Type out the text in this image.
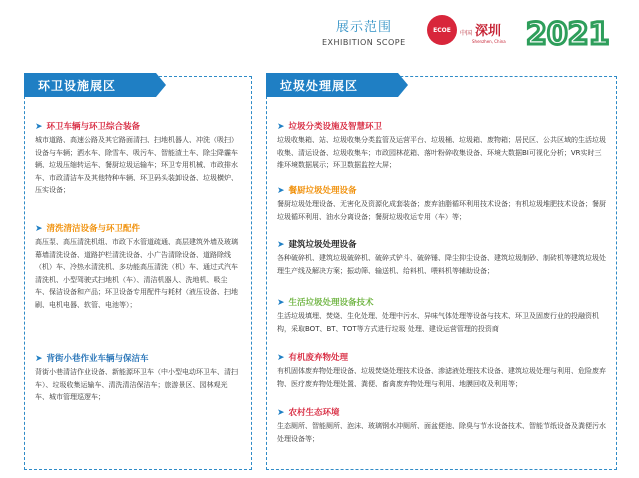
展示范围
EXHIBITION SCOPE
ECOE	中国 深圳
Shenzhen, China 2021
环卫设施展区
➤ 环卫车辆与环卫综合装备
城市道路、高速公路及其它路面清扫、扫地机器人、冲洗（吸扫）设备与车辆；洒水车、除雪车、吸污车、智能渣土车、除尘降霾车辆、垃圾压缩转运车、餐厨垃圾运输车；环卫专用机械、市政排水车、市政清洁车及其他特种车辆、环卫码头装卸设备、垃圾横炉、压实设备；
➤ 清洗清洁设备与环卫配件
高压泵、高压清洗机组、市政下水管道疏通、高层建筑外墙及玻璃幕墙清洗设备、道路护栏清洗设备、小广告清除设备、道路除线（机）车、冷热水清洗机、多功能高压清洗（机）车、通过式汽车清洗机、小型驾驶式扫地机（车）、清洁机器人、洗地机、吸尘车、保洁设备和产品；环卫设备专用配件与耗材（液压设备、扫地刷、电机电器、软管、电池等）；
➤ 背街小巷作业车辆与保洁车
背街小巷清洁作业设备、新能源环卫车（中小型电动环卫车、清扫车）、垃圾收集运输车、清洗清洁保洁车；旅游景区、园林观光车、城市管理巡逻车；
垃圾处理展区
➤ 垃圾分类设施及智慧环卫
垃圾收集箱、站、垃圾收集分类监管及运营平台、垃圾桶、垃圾箱、废物箱；居民区、公共区域的生活垃圾收集、清运设备、垃圾收集车；市政园林花箱、落叶粉碎收集设备、环境大数据BI可视化分析；VR实时三维环境数据展示；环卫数据监控大屏；
➤ 餐厨垃圾处理设备
餐厨垃圾处理设备、无害化及资源化成套装备；废弃油脂循环利用技术设备；有机垃圾堆肥技术设备；餐厨垃圾循环利用、油水分离设备；餐厨垃圾收运专用（车）等；
➤ 建筑垃圾处理设备
各种破碎机、建筑垃圾破碎机、破碎式铲斗、破碎锤、降尘抑尘设备、建筑垃圾制砂、制砖机等建筑垃圾处理生产线及解决方案；振动筛、输送机、给料机、喂料机等辅助设备；
➤ 生活垃圾处理设备技术
生活垃圾填埋、焚烧、生化处理、处理中污水、异味气体处理等设备与技术、环卫及固废行业的投融资机构，采取BOT、BT、TOT等方式进行垃圾 处理、建设运营管理的投资商
➤ 有机废弃物处理
有机固体废弃物处理设备、垃圾焚烧处理技术设备、渗滤液处理技术设备、建筑垃圾处理与利用、危险废弃物、医疗废弃物处理处置、粪便、畜禽废弃物处理与利用、地膜回收及利用等；
➤ 农村生态环境
生态厕所、智能厕所、泡沫、玻璃钢水冲厕所、面盆便池、除臭与节水设备技术、智能节纸设备及粪便污水处理设备等；
